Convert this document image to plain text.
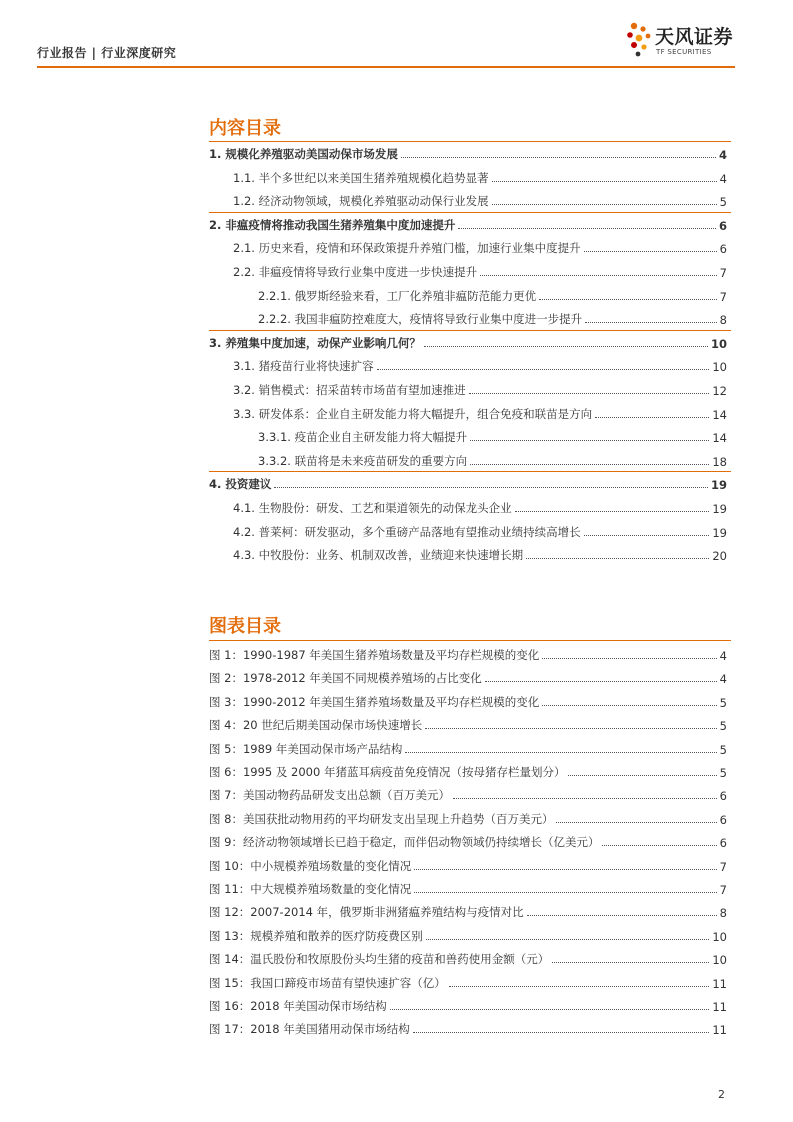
行业报告 | 行业深度研究
天风证券
TF SECURITIES
内容目录
1. 规模化养殖驱动美国动保市场发展	4
1.1. 半个多世纪以来美国生猪养殖规模化趋势显著	4
1.2. 经济动物领域，规模化养殖驱动动保行业发展	5
2. 非瘟疫情将推动我国生猪养殖集中度加速提升	6
2.1. 历史来看，疫情和环保政策提升养殖门槛，加速行业集中度提升	6
2.2. 非瘟疫情将导致行业集中度进一步快速提升	7
2.2.1. 俄罗斯经验来看，工厂化养殖非瘟防范能力更优	7
2.2.2. 我国非瘟防控难度大，疫情将导致行业集中度进一步提升	8
3. 养殖集中度加速，动保产业影响几何？	10
3.1. 猪疫苗行业将快速扩容	10
3.2. 销售模式：招采苗转市场苗有望加速推进	12
3.3. 研发体系：企业自主研发能力将大幅提升，组合免疫和联苗是方向	14
3.3.1. 疫苗企业自主研发能力将大幅提升	14
3.3.2. 联苗将是未来疫苗研发的重要方向	18
4. 投资建议	19
4.1. 生物股份：研发、工艺和渠道领先的动保龙头企业	19
4.2. 普莱柯：研发驱动，多个重磅产品落地有望推动业绩持续高增长	19
4.3. 中牧股份：业务、机制双改善，业绩迎来快速增长期	20
图表目录
图 1：1990-1987 年美国生猪养殖场数量及平均存栏规模的变化	4
图 2：1978-2012 年美国不同规模养殖场的占比变化	4
图 3：1990-2012 年美国生猪养殖场数量及平均存栏规模的变化	5
图 4：20 世纪后期美国动保市场快速增长	5
图 5：1989 年美国动保市场产品结构	5
图 6：1995 及 2000 年猪蓝耳病疫苗免疫情况（按母猪存栏量划分）	5
图 7：美国动物药品研发支出总额（百万美元）	6
图 8：美国获批动物用药的平均研发支出呈现上升趋势（百万美元）	6
图 9：经济动物领域增长已趋于稳定，而伴侣动物领域仍持续增长（亿美元）	6
图 10：中小规模养殖场数量的变化情况	7
图 11：中大规模养殖场数量的变化情况	7
图 12：2007-2014 年，俄罗斯非洲猪瘟养殖结构与疫情对比	8
图 13：规模养殖和散养的医疗防疫费区别	10
图 14：温氏股份和牧原股份头均生猪的疫苗和兽药使用金额（元）	10
图 15：我国口蹄疫市场苗有望快速扩容（亿）	11
图 16：2018 年美国动保市场结构	11
图 17：2018 年美国猪用动保市场结构	11
2
